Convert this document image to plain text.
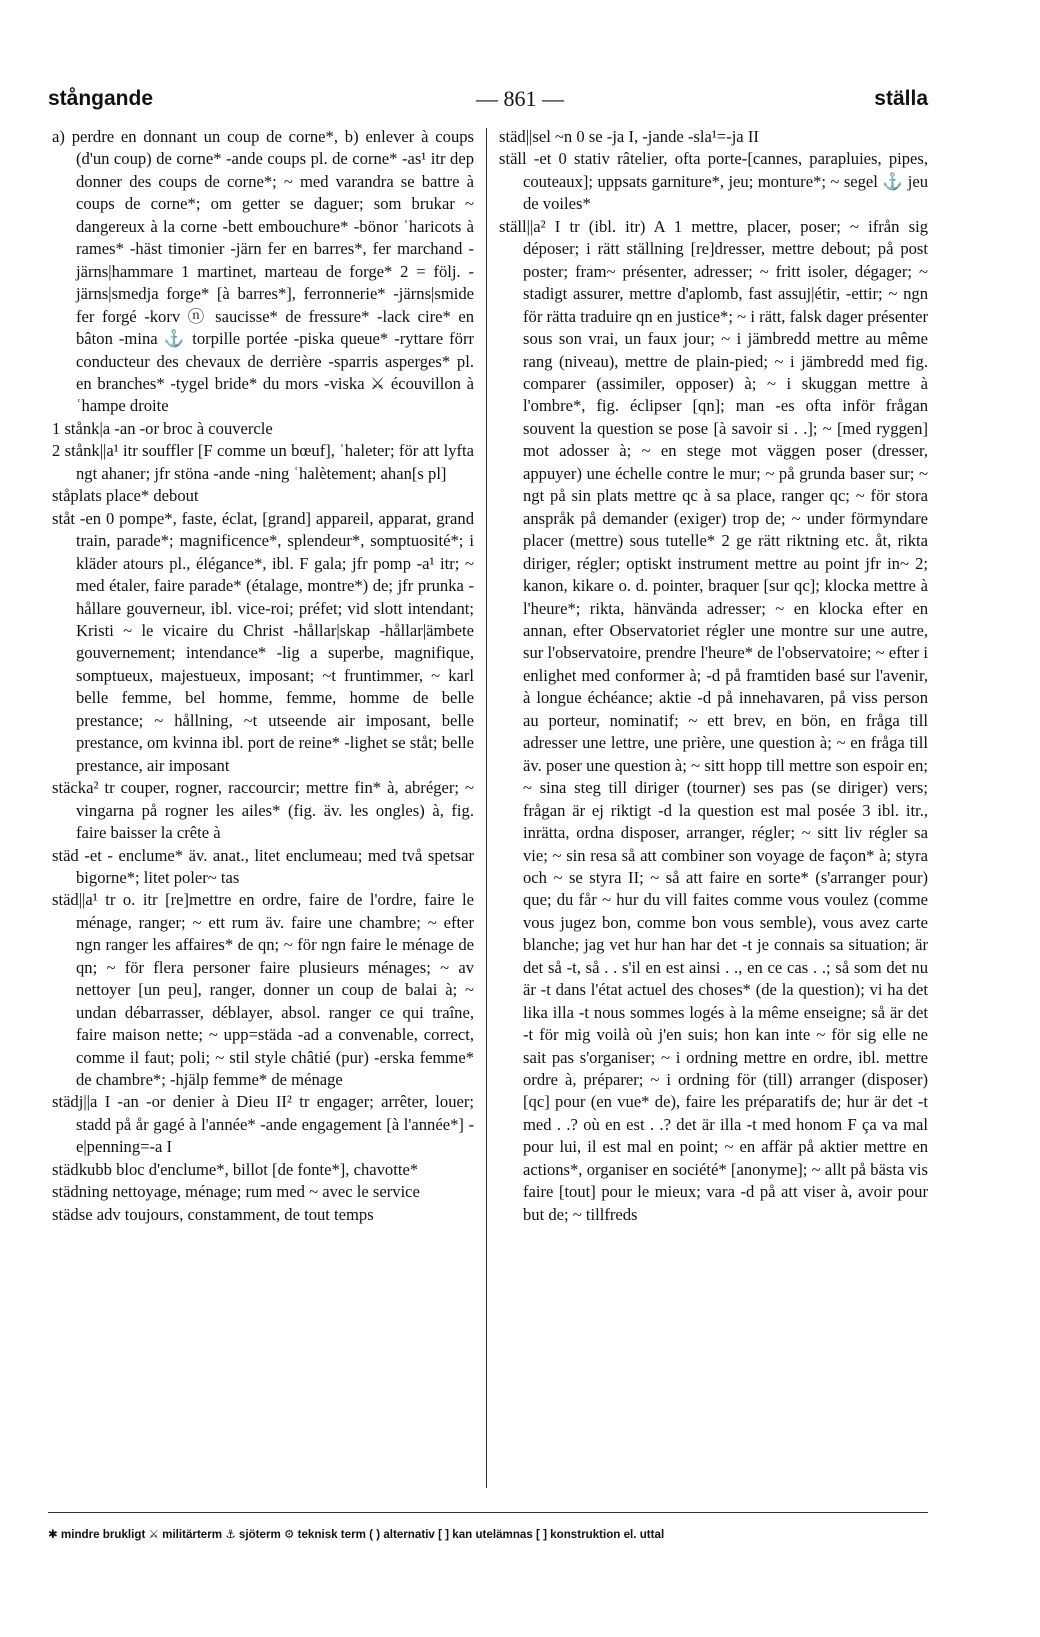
stångande	— 861 —	ställa

a) perdre en donnant un coup de corne*, b) enlever à coups (d'un coup) de corne* -ande coups pl. de corne* -as¹ itr dep donner des coups de corne*; ~ med varandra se battre à coups de corne*; om getter se daguer; som brukar ~ dangereux à la corne -bett embouchure* -bönor ʿharicots à rames* -häst timonier -järn fer en barres*, fer marchand -järns|hammare 1 martinet, marteau de forge* 2 = följ. -järns|smedja forge* [à barres*], ferronnerie* -järns|smide fer forgé -korv ⓝ saucisse* de fressure* -lack cire* en bâton -mina ⚓ torpille portée -piska queue* -ryttare förr conducteur des chevaux de derrière -sparris asperges* pl. en branches* -tygel bride* du mors -viska ⚔ écouvillon à ʿhampe droite

1 stånk|a -an -or broc à couvercle

2 stånk||a¹ itr souffler [F comme un bœuf], ʿhaleter; för att lyfta ngt ahaner; jfr stöna -ande -ning ʿhalètement; ahan[s pl]

ståplats place* debout

ståt -en 0 pompe*, faste, éclat, [grand] appareil, apparat, grand train, parade*; magnificence*, splendeur*, somptuosité*; i kläder atours pl., élégance*, ibl. F gala; jfr pomp -a¹ itr; ~ med étaler, faire parade* (étalage, montre*) de; jfr prunka -hållare gouverneur, ibl. vice-roi; préfet; vid slott intendant; Kristi ~ le vicaire du Christ -hållar|skap -hållar|ämbete gouvernement; intendance* -lig a superbe, magnifique, somptueux, majestueux, imposant; ~t fruntimmer, ~ karl belle femme, bel homme, femme, homme de belle prestance; ~ hållning, ~t utseende air imposant, belle prestance, om kvinna ibl. port de reine* -lighet se ståt; belle prestance, air imposant

stäcka² tr couper, rogner, raccourcir; mettre fin* à, abréger; ~ vingarna på rogner les ailes* (fig. äv. les ongles) à, fig. faire baisser la crête à

städ -et - enclume* äv. anat., litet enclumeau; med två spetsar bigorne*; litet poler~ tas

städ||a¹ tr o. itr [re]mettre en ordre, faire de l'ordre, faire le ménage, ranger; ~ ett rum äv. faire une chambre; ~ efter ngn ranger les affaires* de qn; ~ för ngn faire le ménage de qn; ~ för flera personer faire plusieurs ménages; ~ av nettoyer [un peu], ranger, donner un coup de balai à; ~ undan débarrasser, déblayer, absol. ranger ce qui traîne, faire maison nette; ~ upp=städa -ad a convenable, correct, comme il faut; poli; ~ stil style châtié (pur) -erska femme* de chambre*; -hjälp femme* de ménage

städj||a I -an -or denier à Dieu II² tr engager; arrêter, louer; stadd på år gagé à l'année* -ande engagement [à l'année*] -e|penning=-a I

städkubb bloc d'enclume*, billot [de fonte*], chavotte*

städning nettoyage, ménage; rum med ~ avec le service

städse adv toujours, constamment, de tout temps

städ||sel ~n 0 se -ja I, -jande -sla¹=-ja II

ställ -et 0 stativ râtelier, ofta porte-[cannes, parapluies, pipes, couteaux]; uppsats garniture*, jeu; monture*; ~ segel ⚓ jeu de voiles*

ställ||a² I tr (ibl. itr) A 1 mettre, placer, poser; ~ ifrån sig déposer; i rätt ställning [re]dresser, mettre debout; på post poster; fram~ présenter, adresser; ~ fritt isoler, dégager; ~ stadigt assurer, mettre d'aplomb, fast assuj|étir, -ettir; ~ ngn för rätta traduire qn en justice*; ~ i rätt, falsk dager présenter sous son vrai, un faux jour; ~ i jämbredd mettre au même rang (niveau), mettre de plain-pied; ~ i jämbredd med fig. comparer (assimiler, opposer) à; ~ i skuggan mettre à l'ombre*, fig. éclipser [qn]; man -es ofta inför frågan souvent la question se pose [à savoir si . .]; ~ [med ryggen] mot adosser à; ~ en stege mot väggen poser (dresser, appuyer) une échelle contre le mur; ~ på grunda baser sur; ~ ngt på sin plats mettre qc à sa place, ranger qc; ~ för stora anspråk på demander (exiger) trop de; ~ under förmyndare placer (mettre) sous tutelle* 2 ge rätt riktning etc. åt, rikta diriger, régler; optiskt instrument mettre au point jfr in~ 2; kanon, kikare o. d. pointer, braquer [sur qc]; klocka mettre à l'heure*; rikta, hänvända adresser; ~ en klocka efter en annan, efter Observatoriet régler une montre sur une autre, sur l'observatoire, prendre l'heure* de l'observatoire; ~ efter i enlighet med conformer à; -d på framtiden basé sur l'avenir, à longue échéance; aktie -d på innehavaren, på viss person au porteur, nominatif; ~ ett brev, en bön, en fråga till adresser une lettre, une prière, une question à; ~ en fråga till äv. poser une question à; ~ sitt hopp till mettre son espoir en; ~ sina steg till diriger (tourner) ses pas (se diriger) vers; frågan är ej riktigt -d la question est mal posée 3 ibl. itr., inrätta, ordna disposer, arranger, régler; ~ sitt liv régler sa vie; ~ sin resa så att combiner son voyage de façon* à; styra och ~ se styra II; ~ så att faire en sorte* (s'arranger pour) que; du får ~ hur du vill faites comme vous voulez (comme vous jugez bon, comme bon vous semble), vous avez carte blanche; jag vet hur han har det -t je connais sa situation; är det så -t, så . . s'il en est ainsi . ., en ce cas . .; så som det nu är -t dans l'état actuel des choses* (de la question); vi ha det lika illa -t nous sommes logés à la même enseigne; så är det -t för mig voilà où j'en suis; hon kan inte ~ för sig elle ne sait pas s'organiser; ~ i ordning mettre en ordre, ibl. mettre ordre à, préparer; ~ i ordning för (till) arranger (disposer) [qc] pour (en vue* de), faire les préparatifs de; hur är det -t med . .? où en est . .? det är illa -t med honom F ça va mal pour lui, il est mal en point; ~ en affär på aktier mettre en actions*, organiser en société* [anonyme]; ~ allt på bästa vis faire [tout] pour le mieux; vara -d på att viser à, avoir pour but de; ~ tillfreds

✱ mindre brukligt ⚔ militärterm ⚓ sjöterm ⚙ teknisk term ( ) alternativ [ ] kan utelämnas [ ] konstruktion el. uttal
